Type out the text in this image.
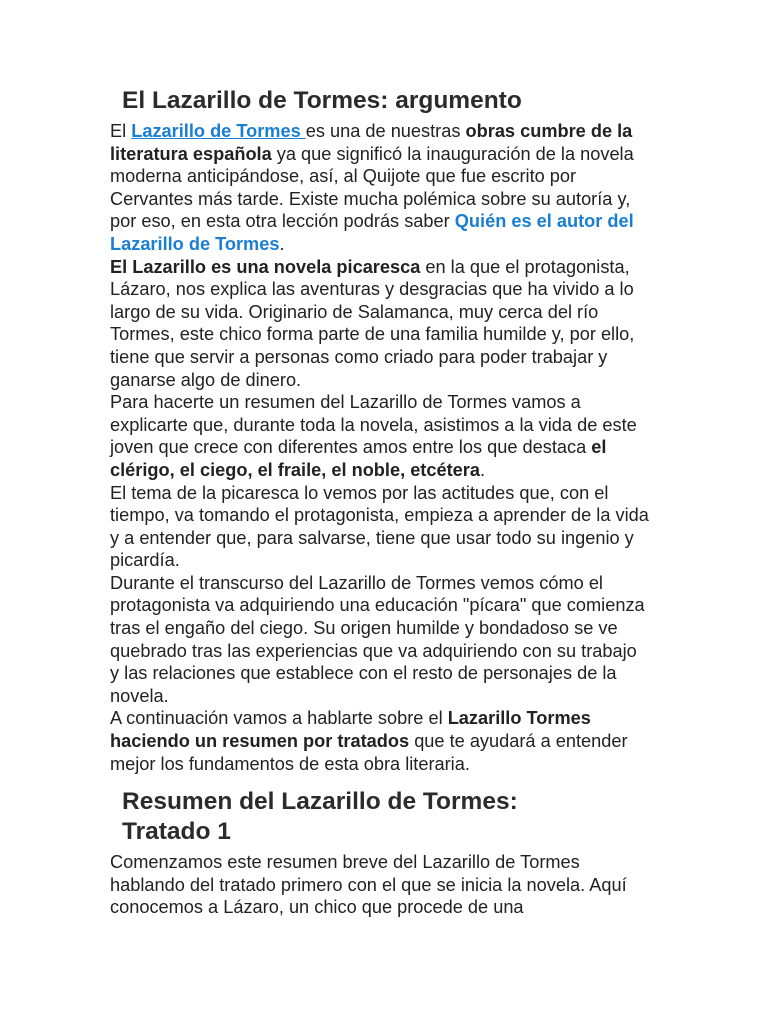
El Lazarillo de Tormes: argumento

El Lazarillo de Tormes es una de nuestras obras cumbre de la literatura española ya que significó la inauguración de la novela moderna anticipándose, así, al Quijote que fue escrito por Cervantes más tarde. Existe mucha polémica sobre su autoría y, por eso, en esta otra lección podrás saber Quién es el autor del Lazarillo de Tormes.

El Lazarillo es una novela picaresca en la que el protagonista, Lázaro, nos explica las aventuras y desgracias que ha vivido a lo largo de su vida. Originario de Salamanca, muy cerca del río Tormes, este chico forma parte de una familia humilde y, por ello, tiene que servir a personas como criado para poder trabajar y ganarse algo de dinero.

Para hacerte un resumen del Lazarillo de Tormes vamos a explicarte que, durante toda la novela, asistimos a la vida de este joven que crece con diferentes amos entre los que destaca el clérigo, el ciego, el fraile, el noble, etcétera.

El tema de la picaresca lo vemos por las actitudes que, con el tiempo, va tomando el protagonista, empieza a aprender de la vida y a entender que, para salvarse, tiene que usar todo su ingenio y picardía.

Durante el transcurso del Lazarillo de Tormes vemos cómo el protagonista va adquiriendo una educación "pícara" que comienza tras el engaño del ciego. Su origen humilde y bondadoso se ve quebrado tras las experiencias que va adquiriendo con su trabajo y las relaciones que establece con el resto de personajes de la novela.

A continuación vamos a hablarte sobre el Lazarillo Tormes haciendo un resumen por tratados que te ayudará a entender mejor los fundamentos de esta obra literaria.

Resumen del Lazarillo de Tormes: Tratado 1

Comenzamos este resumen breve del Lazarillo de Tormes hablando del tratado primero con el que se inicia la novela. Aquí conocemos a Lázaro, un chico que procede de una
